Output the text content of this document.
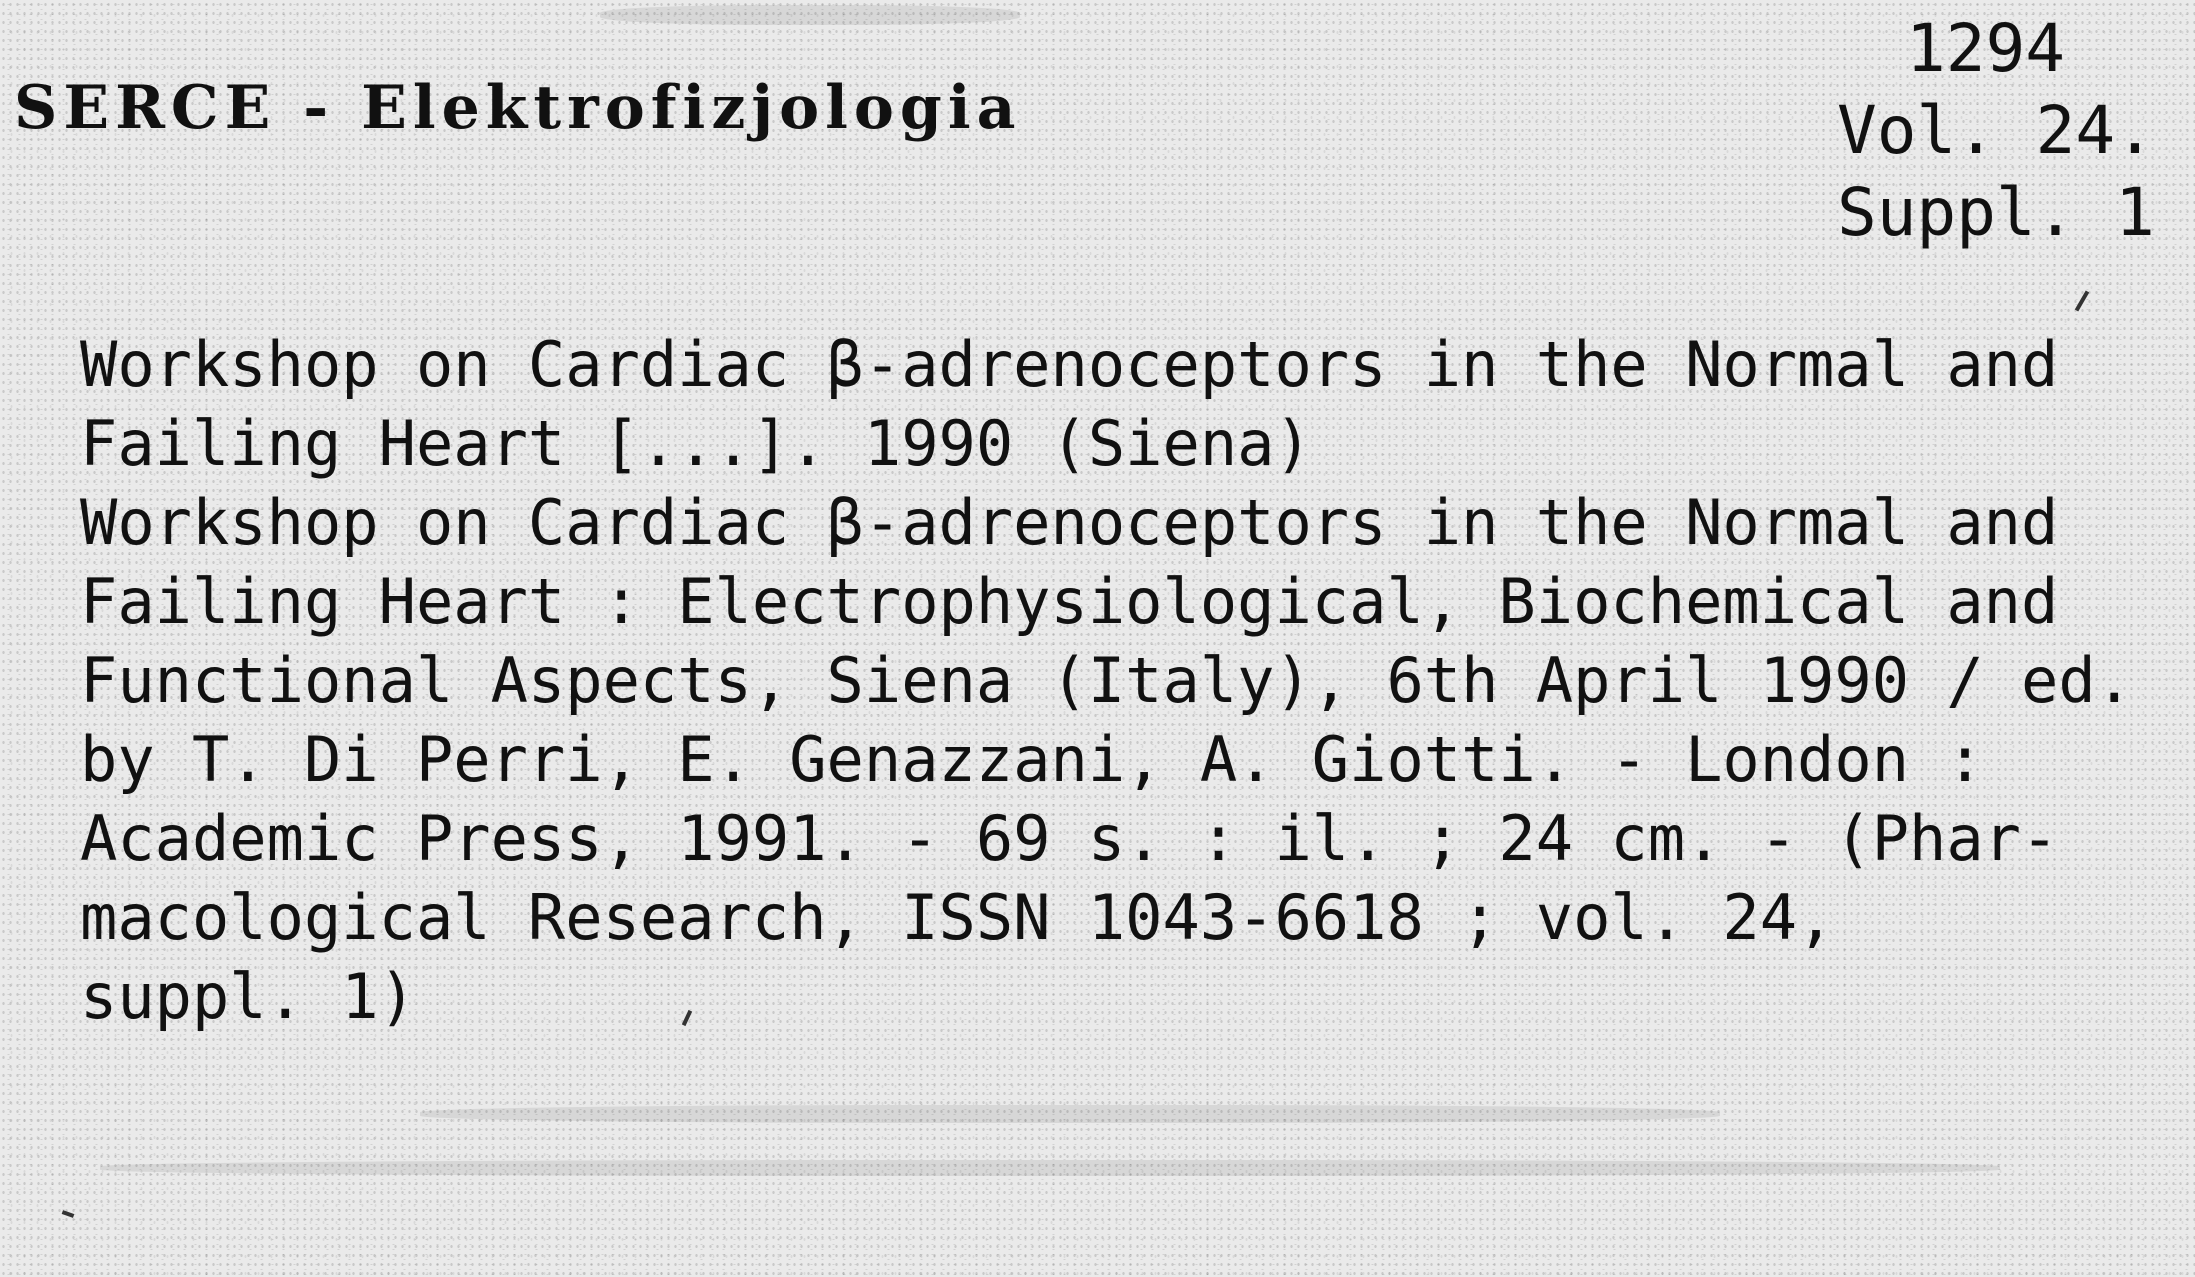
SERCE - Elektrofizjologia
1294
Vol. 24.
Suppl. 1
Workshop on Cardiac β-adrenoceptors in the Normal and
Failing Heart [...]. 1990 (Siena)
Workshop on Cardiac β-adrenoceptors in the Normal and
Failing Heart : Electrophysiological, Biochemical and
Functional Aspects, Siena (Italy), 6th April 1990 / ed.
by T. Di Perri, E. Genazzani, A. Giotti. - London :
Academic Press, 1991. - 69 s. : il. ; 24 cm. - (Phar-
macological Research, ISSN 1043-6618 ; vol. 24,
suppl. 1)
